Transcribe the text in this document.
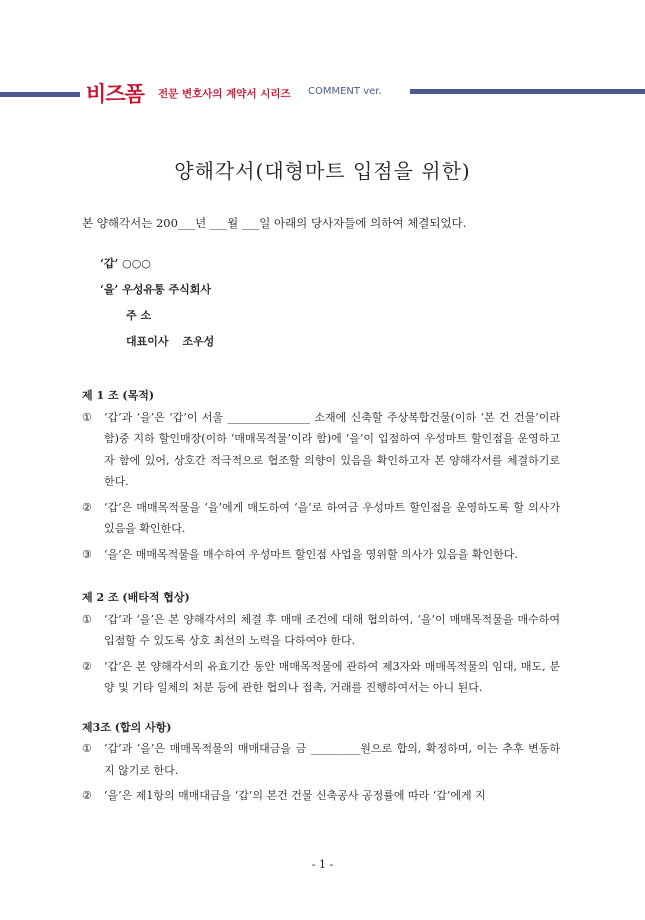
비즈폼 전문 변호사의 계약서 시리즈 COMMENT ver.
양해각서(대형마트 입점을 위한)
본 양해각서는 200___년 ___월 ___일 아래의 당사자들에 의하여 체결되었다.
‘갑’ ○○○
‘을’ 우성유통 주식회사
주 소
대표이사 조우성

제 1 조 (목적)

① ‘갑’과 ‘을’은 ‘갑’이 서울 _______________ 소재에 신축할 주상복합건물(이하 ‘본 건 건물’이라 함)중 지하 할인매장(이하 ‘매매목적물’이라 함)에 ‘을’이 입점하여 우성마트 할인점을 운영하고자 함에 있어, 상호간 적극적으로 협조할 의향이 있음을 확인하고자 본 양해각서를 체결하기로 한다.
② ‘갑’은 매매목적물을 ‘을’에게 매도하여 ‘을’로 하여금 우성마트 할인점을 운영하도록 할 의사가 있음을 확인한다.
③ ‘을’은 매매목적물을 매수하여 우성마트 할인점 사업을 영위할 의사가 있음을 확인한다.

제 2 조 (배타적 협상)

① ‘갑’과 ‘을’은 본 양해각서의 체결 후 매매 조건에 대해 협의하여, ‘을’이 매매목적물을 매수하여 입점할 수 있도록 상호 최선의 노력을 다하여야 한다.
② ‘갑’은 본 양해각서의 유효기간 동안 매매목적물에 관하여 제3자와 매매목적물의 임대, 매도, 분양 및 기타 일체의 처분 등에 관한 협의나 접촉, 거래를 진행하여서는 아니 된다.

제3조 (합의 사항)

① ‘갑’과 ‘을’은 매매목적물의 매매대금을 금 _________원으로 합의, 확정하며, 이는 추후 변동하지 않기로 한다.
② ‘을’은 제1항의 매매대금을 ‘갑’의 본건 건물 신축공사 공정률에 따라 ‘갑’에게 지
- 1 -
